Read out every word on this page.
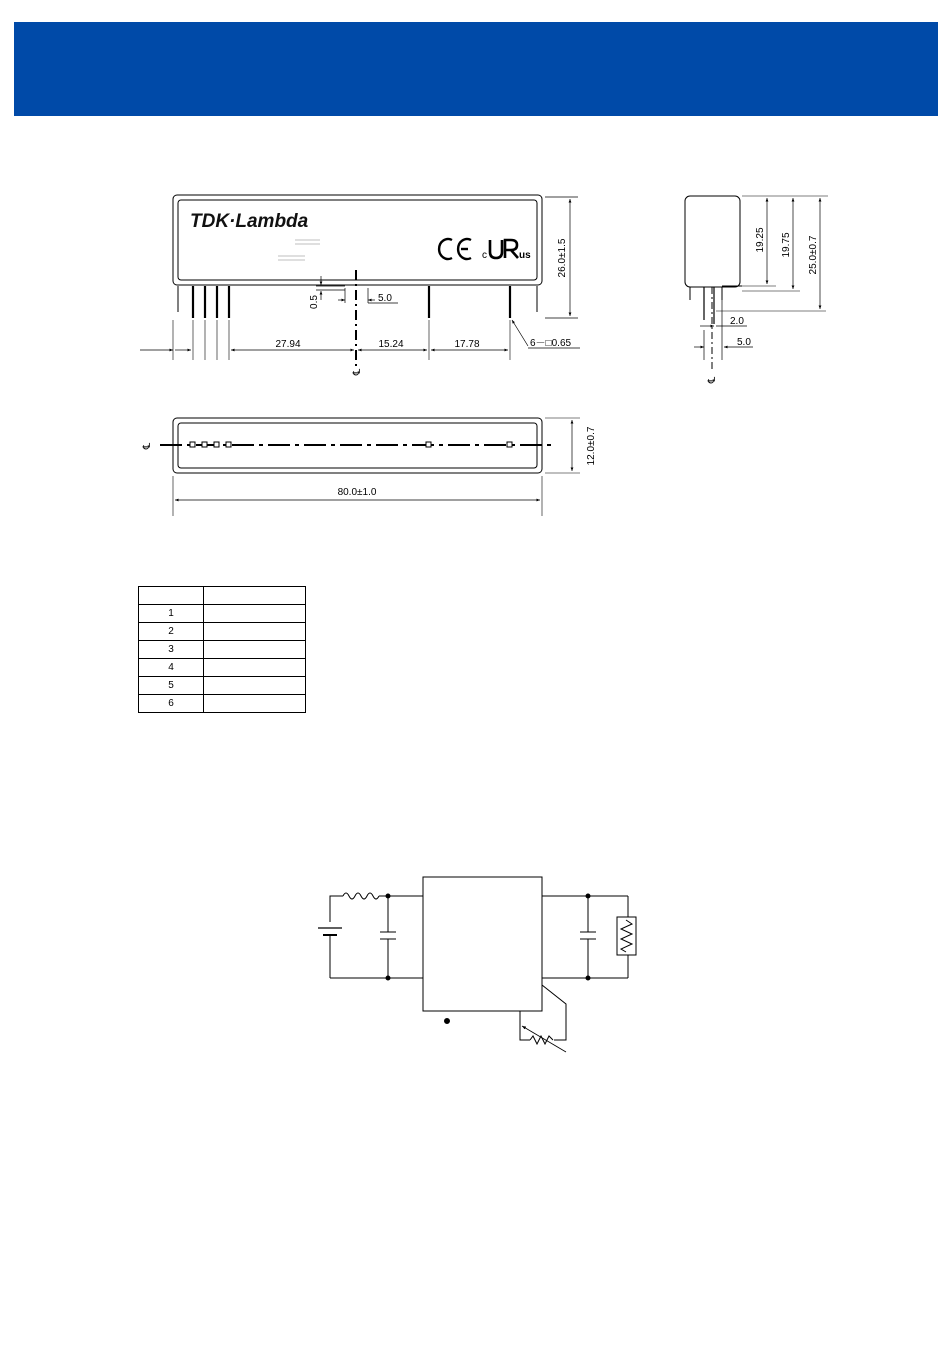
TDK·Lambda
c	us	26.0±1.5
0.5	5.0
27.94	15.24	17.78	6－□0.65
℄
19.25 19.75 25.0±0.7
2.0
5.0
℄
℄	12.0±0.7
80.0±1.0

1	
2	
3	
4	
5	
6	
